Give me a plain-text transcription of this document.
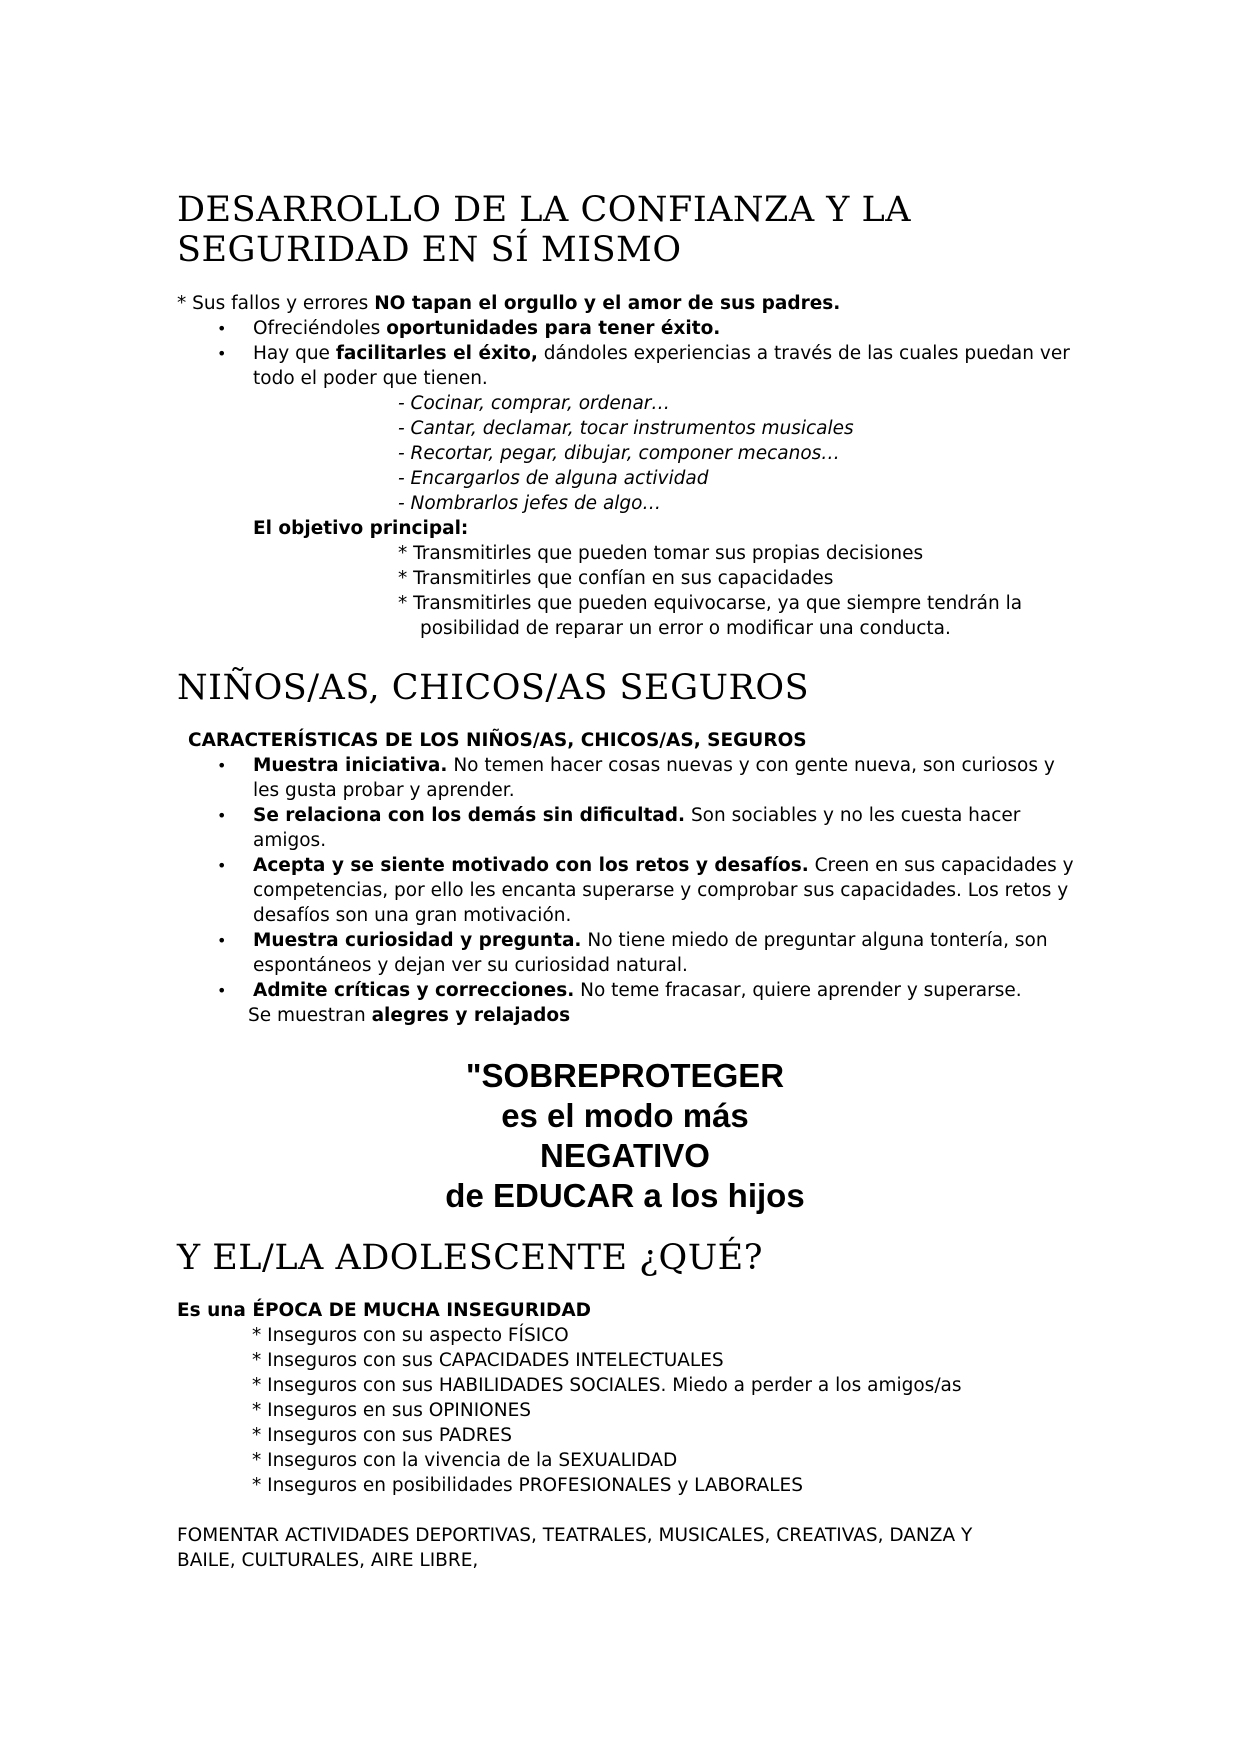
DESARROLLO DE LA CONFIANZA Y LA
SEGURIDAD EN SÍ MISMO
* Sus fallos y errores NO tapan el orgullo y el amor de sus padres.
• Ofreciéndoles oportunidades para tener éxito.
• Hay que facilitarles el éxito, dándoles experiencias a través de las cuales puedan ver
todo el poder que tienen.
- Cocinar, comprar, ordenar…
- Cantar, declamar, tocar instrumentos musicales
- Recortar, pegar, dibujar, componer mecanos…
- Encargarlos de alguna actividad
- Nombrarlos jefes de algo…
El objetivo principal:
* Transmitirles que pueden tomar sus propias decisiones
* Transmitirles que confían en sus capacidades
* Transmitirles que pueden equivocarse, ya que siempre tendrán la
posibilidad de reparar un error o modificar una conducta.
NIÑOS/AS, CHICOS/AS SEGUROS
CARACTERÍSTICAS DE LOS NIÑOS/AS, CHICOS/AS, SEGUROS
• Muestra iniciativa. No temen hacer cosas nuevas y con gente nueva, son curiosos y
les gusta probar y aprender.
• Se relaciona con los demás sin dificultad. Son sociables y no les cuesta hacer
amigos.
• Acepta y se siente motivado con los retos y desafíos. Creen en sus capacidades y
competencias, por ello les encanta superarse y comprobar sus capacidades. Los retos y
desafíos son una gran motivación.
• Muestra curiosidad y pregunta. No tiene miedo de preguntar alguna tontería, son
espontáneos y dejan ver su curiosidad natural.
• Admite críticas y correcciones. No teme fracasar, quiere aprender y superarse.
Se muestran alegres y relajados
"SOBREPROTEGER
es el modo más
NEGATIVO
de EDUCAR a los hijos
Y EL/LA ADOLESCENTE ¿QUÉ?
Es una ÉPOCA DE MUCHA INSEGURIDAD
* Inseguros con su aspecto FÍSICO
* Inseguros con sus CAPACIDADES INTELECTUALES
* Inseguros con sus HABILIDADES SOCIALES. Miedo a perder a los amigos/as
* Inseguros en sus OPINIONES
* Inseguros con sus PADRES
* Inseguros con la vivencia de la SEXUALIDAD
* Inseguros en posibilidades PROFESIONALES y LABORALES
FOMENTAR ACTIVIDADES DEPORTIVAS, TEATRALES, MUSICALES, CREATIVAS, DANZA Y
BAILE, CULTURALES, AIRE LIBRE,
